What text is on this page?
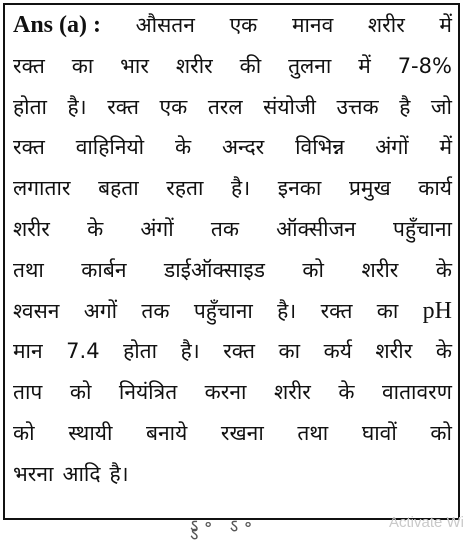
Ans (a) : औसतन एक मानव शरीर में
रक्त का भार शरीर की तुलना में 7-8%
होता है। रक्त एक तरल संयोजी उत्तक है जो
रक्त वाहिनियो के अन्दर विभिन्न अंगों में
लगातार बहता रहता है। इनका प्रमुख कार्य
शरीर के अंगों तक ऑक्सीजन पहुँचाना
तथा कार्बन डाईऑक्साइड को शरीर के
श्वसन अगों तक पहुँचाना है। रक्त का pH
मान 7.4 होता है। रक्त का कर्य शरीर के
ताप को नियंत्रित करना शरीर के वातावरण
को स्थायी बनाये रखना तथा घावों को
भरना आदि है।
ऽ॰ ऽ॰ ऽ
Activate Wi
